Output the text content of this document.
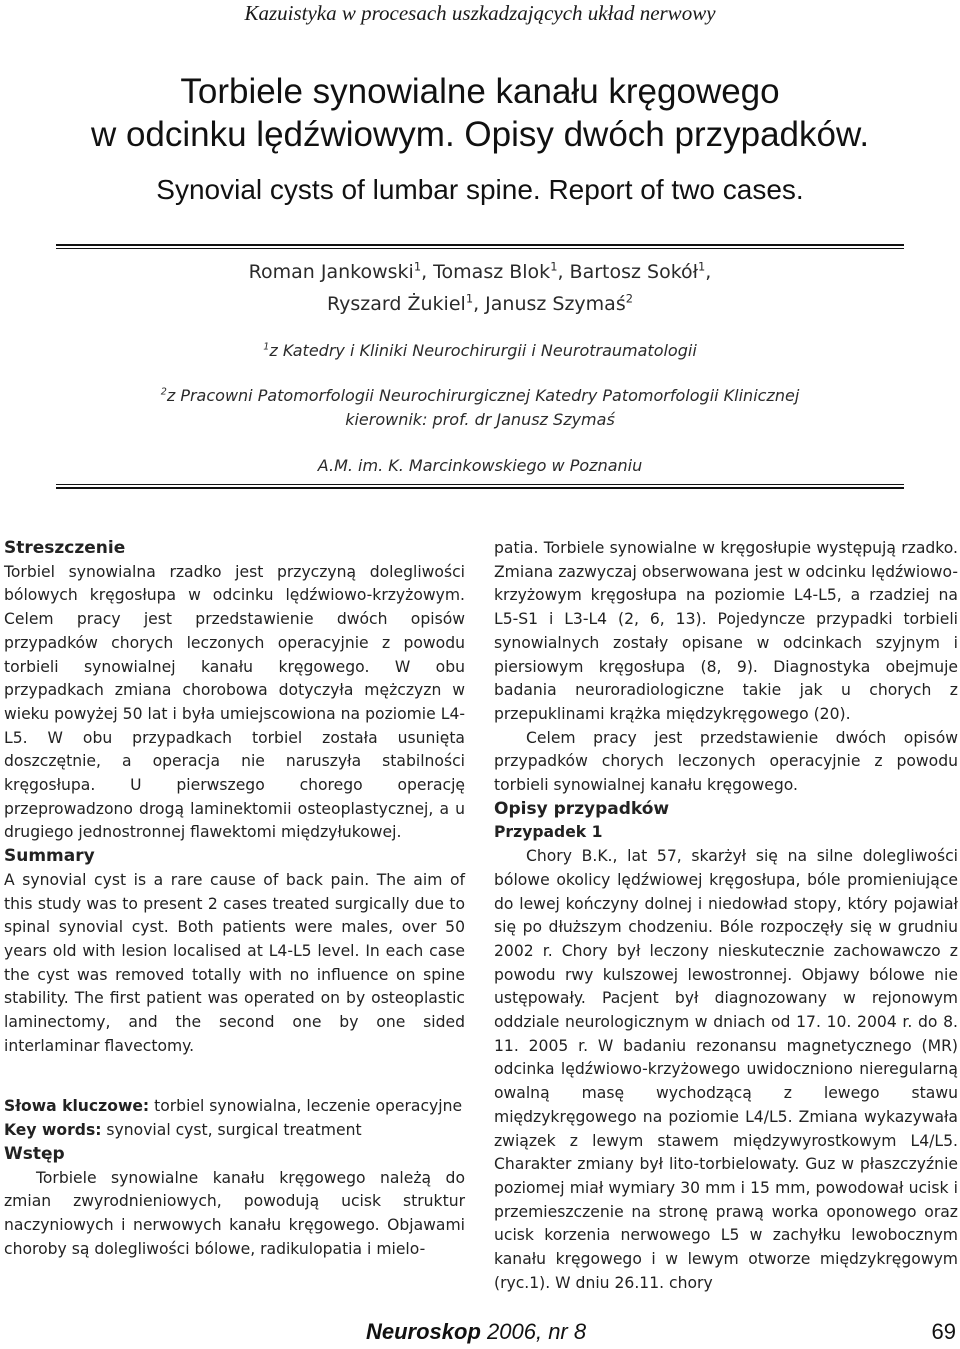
Kazuistyka w procesach uszkadzających układ nerwowy
Torbiele synowialne kanału kręgowego
w odcinku lędźwiowym. Opisy dwóch przypadków.
Synovial cysts of lumbar spine. Report of two cases.
Roman Jankowski$^1$, Tomasz Blok$^1$, Bartosz Sokół$^1$,
Ryszard Żukiel$^1$, Janusz Szymaś$^2$
$^1$z Katedry i Kliniki Neurochirurgii i Neurotraumatologii
$^2$z Pracowni Patomorfologii Neurochirurgicznej Katedry Patomorfologii Klinicznej
kierownik: prof. dr Janusz Szymaś
A.M. im. K. Marcinkowskiego w Poznaniu

Streszczenie

Torbiel synowialna rzadko jest przyczyną dolegliwości bólowych kręgosłupa w odcinku lędźwiowo-krzyżowym. Celem pracy jest przedstawienie dwóch opisów przypadków chorych leczonych operacyjnie z powodu torbieli synowialnej kanału kręgowego. W obu przypadkach zmiana chorobowa dotyczyła mężczyzn w wieku powyżej 50 lat i była umiejscowiona na poziomie L4-L5. W obu przypadkach torbiel została usunięta doszczętnie, a operacja nie naruszyła stabilności kręgosłupa. U pierwszego chorego operację przeprowadzono drogą laminektomii osteoplastycznej, a u drugiego jednostronnej flawektomi międzyłukowej.

Summary

A synovial cyst is a rare cause of back pain. The aim of this study was to present 2 cases treated surgically due to spinal synovial cyst. Both patients were males, over 50 years old with lesion localised at L4-L5 level. In each case the cyst was removed totally with no influence on spine stability. The first patient was operated on by osteoplastic laminectomy, and the second one by one sided interlaminar flavectomy.

Słowa kluczowe: torbiel synowialna, leczenie operacyjne

Key words: synovial cyst, surgical treatment

Wstęp

Torbiele synowialne kanału kręgowego należą do zmian zwyrodnieniowych, powodują ucisk struktur naczyniowych i nerwowych kanału kręgowego. Objawami choroby są dolegliwości bólowe, radikulopatia i mielo-

patia. Torbiele synowialne w kręgosłupie występują rzadko. Zmiana zazwyczaj obserwowana jest w odcinku lędźwiowo-krzyżowym kręgosłupa na poziomie L4-L5, a rzadziej na L5-S1 i L3-L4 (2, 6, 13). Pojedyncze przypadki torbieli synowialnych zostały opisane w odcinkach szyjnym i piersiowym kręgosłupa (8, 9). Diagnostyka obejmuje badania neuroradiologiczne takie jak u chorych z przepuklinami krążka międzykręgowego (20).

Celem pracy jest przedstawienie dwóch opisów przypadków chorych leczonych operacyjnie z powodu torbieli synowialnej kanału kręgowego.

Opisy przypadków

Przypadek 1

Chory B.K., lat 57, skarżył się na silne dolegliwości bólowe okolicy lędźwiowej kręgosłupa, bóle promieniujące do lewej kończyny dolnej i niedowład stopy, który pojawiał się po dłuższym chodzeniu. Bóle rozpoczęły się w grudniu 2002 r. Chory był leczony nieskutecznie zachowawczo z powodu rwy kulszowej lewostronnej. Objawy bólowe nie ustępowały. Pacjent był diagnozowany w rejonowym oddziale neurologicznym w dniach od 17. 10. 2004 r. do 8. 11. 2005 r. W badaniu rezonansu magnetycznego (MR) odcinka lędźwiowo-krzyżowego uwidoczniono nieregularną owalną masę wychodzącą z lewego stawu międzykręgowego na poziomie L4/L5. Zmiana wykazywała związek z lewym stawem międzywyrostkowym L4/L5. Charakter zmiany był lito-torbielowaty. Guz w płaszczyźnie poziomej miał wymiary 30 mm i 15 mm, powodował ucisk i przemieszczenie na stronę prawą worka oponowego oraz ucisk korzenia nerwowego L5 w zachyłku lewobocznym kanału kręgowego i w lewym otworze międzykręgowym (ryc.1). W dniu 26.11. chory

Neuroskop 2006, nr 8	69
